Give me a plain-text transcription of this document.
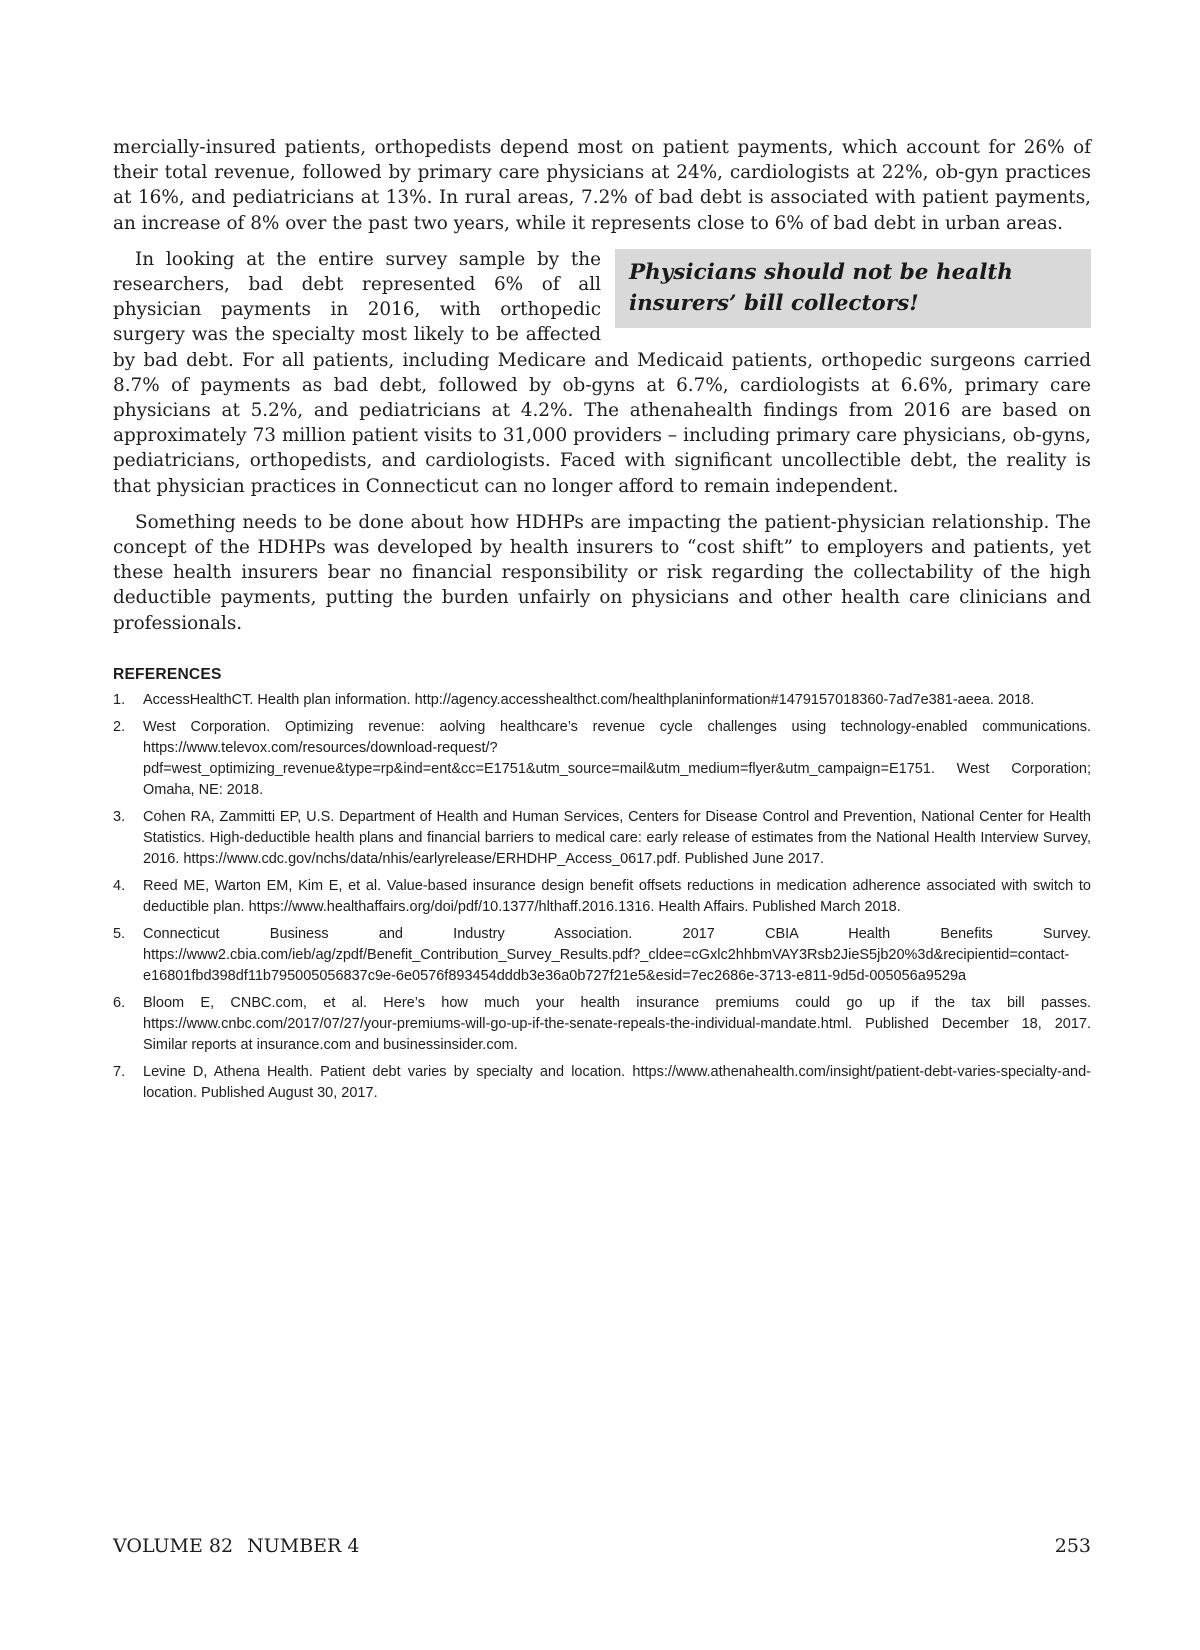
mercially-insured patients, orthopedists depend most on patient payments, which account for 26% of their total revenue, followed by primary care physicians at 24%, cardiologists at 22%, ob-gyn practices at 16%, and pediatricians at 13%. In rural areas, 7.2% of bad debt is associated with patient payments, an increase of 8% over the past two years, while it represents close to 6% of bad debt in urban areas.

Physicians should not be health insurers’ bill collectors!
In looking at the entire survey sample by the researchers, bad debt represented 6% of all physician payments in 2016, with orthopedic surgery was the specialty most likely to be affected by bad debt. For all patients, including Medicare and Medicaid patients, orthopedic surgeons carried 8.7% of payments as bad debt, followed by ob-gyns at 6.7%, cardiologists at 6.6%, primary care physicians at 5.2%, and pediatricians at 4.2%. The athenahealth findings from 2016 are based on approximately 73 million patient visits to 31,000 providers – including primary care physicians, ob-gyns, pediatricians, orthopedists, and cardiologists. Faced with significant uncollectible debt, the reality is that physician practices in Connecticut can no longer afford to remain independent.

Something needs to be done about how HDHPs are impacting the patient-physician relationship. The concept of the HDHPs was developed by health insurers to “cost shift” to employers and patients, yet these health insurers bear no financial responsibility or risk regarding the collectability of the high deductible payments, putting the burden unfairly on physicians and other health care clinicians and professionals.

REFERENCES
1.	AccessHealthCT. Health plan information. http://agency.accesshealthct.com/healthplaninformation#1479157018360-7ad7e381-aeea. 2018.
2.	West Corporation. Optimizing revenue: aolving healthcare’s revenue cycle challenges using technology-enabled communications. https://www.televox.com/resources/download-request/?pdf=west_optimizing_revenue&type=rp&ind=ent&cc=E1751&utm_source=mail&utm_medium=flyer&utm_campaign=E1751. West Corporation; Omaha, NE: 2018.
3.	Cohen RA, Zammitti EP, U.S. Department of Health and Human Services, Centers for Disease Control and Prevention, National Center for Health Statistics. High-deductible health plans and financial barriers to medical care: early release of estimates from the National Health Interview Survey, 2016. https://www.cdc.gov/nchs/data/nhis/earlyrelease/ERHDHP_Access_0617.pdf. Published June 2017.
4.	Reed ME, Warton EM, Kim E, et al. Value-based insurance design benefit offsets reductions in medication adherence associated with switch to deductible plan. https://www.healthaffairs.org/doi/pdf/10.1377/hlthaff.2016.1316. Health Affairs. Published March 2018.
5.	Connecticut Business and Industry Association. 2017 CBIA Health Benefits Survey. https://www2.cbia.com/ieb/ag/zpdf/Benefit_Contribution_Survey_Results.pdf?_cldee=cGxlc2hhbmVAY3Rsb2JieS5jb20%3d&recipientid=contact-e16801fbd398df11b795005056837c9e-6e0576f893454dddb3e36a0b727f21e5&esid=7ec2686e-3713-e811-9d5d-005056a9529a
6.	Bloom E, CNBC.com, et al. Here’s how much your health insurance premiums could go up if the tax bill passes. https://www.cnbc.com/2017/07/27/your-premiums-will-go-up-if-the-senate-repeals-the-individual-mandate.html. Published December 18, 2017. Similar reports at insurance.com and businessinsider.com.
7.	Levine D, Athena Health. Patient debt varies by specialty and location. https://www.athenahealth.com/insight/patient-debt-varies-specialty-and-location. Published August 30, 2017.
VOLUME 82 NUMBER 4	253
